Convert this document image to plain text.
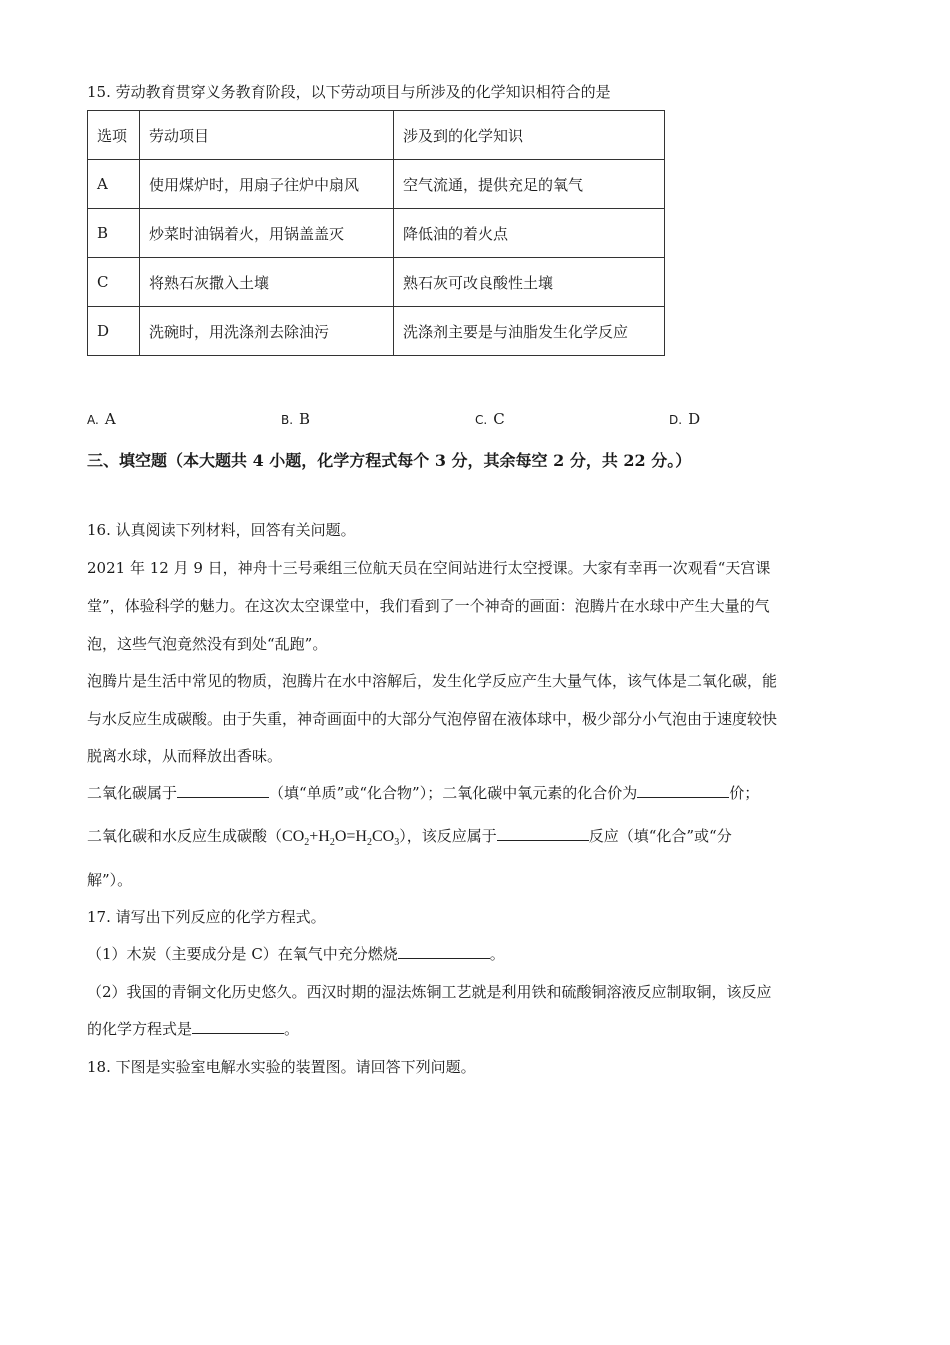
15. 劳动教育贯穿义务教育阶段，以下劳动项目与所涉及的化学知识相符合的是
选项	劳动项目	涉及到的化学知识
A	使用煤炉时，用扇子往炉中扇风	空气流通，提供充足的氧气
B	炒菜时油锅着火，用锅盖盖灭	降低油的着火点
C	将熟石灰撒入土壤	熟石灰可改良酸性土壤
D	洗碗时，用洗涤剂去除油污	洗涤剂主要是与油脂发生化学反应
A. A	B. B	C. C	D. D
三、填空题（本大题共 4 小题，化学方程式每个 3 分，其余每空 2 分，共 22 分。）
16. 认真阅读下列材料，回答有关问题。
2021 年 12 月 9 日，神舟十三号乘组三位航天员在空间站进行太空授课。大家有幸再一次观看“天宫课
堂”，体验科学的魅力。在这次太空课堂中，我们看到了一个神奇的画面：泡腾片在水球中产生大量的气
泡，这些气泡竟然没有到处“乱跑”。
泡腾片是生活中常见的物质，泡腾片在水中溶解后，发生化学反应产生大量气体，该气体是二氧化碳，能
与水反应生成碳酸。由于失重，神奇画面中的大部分气泡停留在液体球中，极少部分小气泡由于速度较快
脱离水球，从而释放出香味。
二氧化碳属于	（填“单质”或“化合物”）；二氧化碳中氧元素的化合价为	价；
二氧化碳和水反应生成碳酸$(CO_2+H_2O=H_2CO_3)$，该反应属于	反应（填“化合”或“分
解”）。
17. 请写出下列反应的化学方程式。
（1）木炭（主要成分是 C）在氧气中充分燃烧	。
（2）我国的青铜文化历史悠久。西汉时期的湿法炼铜工艺就是利用铁和硫酸铜溶液反应制取铜，该反应
的化学方程式是	。
18. 下图是实验室电解水实验的装置图。请回答下列问题。
